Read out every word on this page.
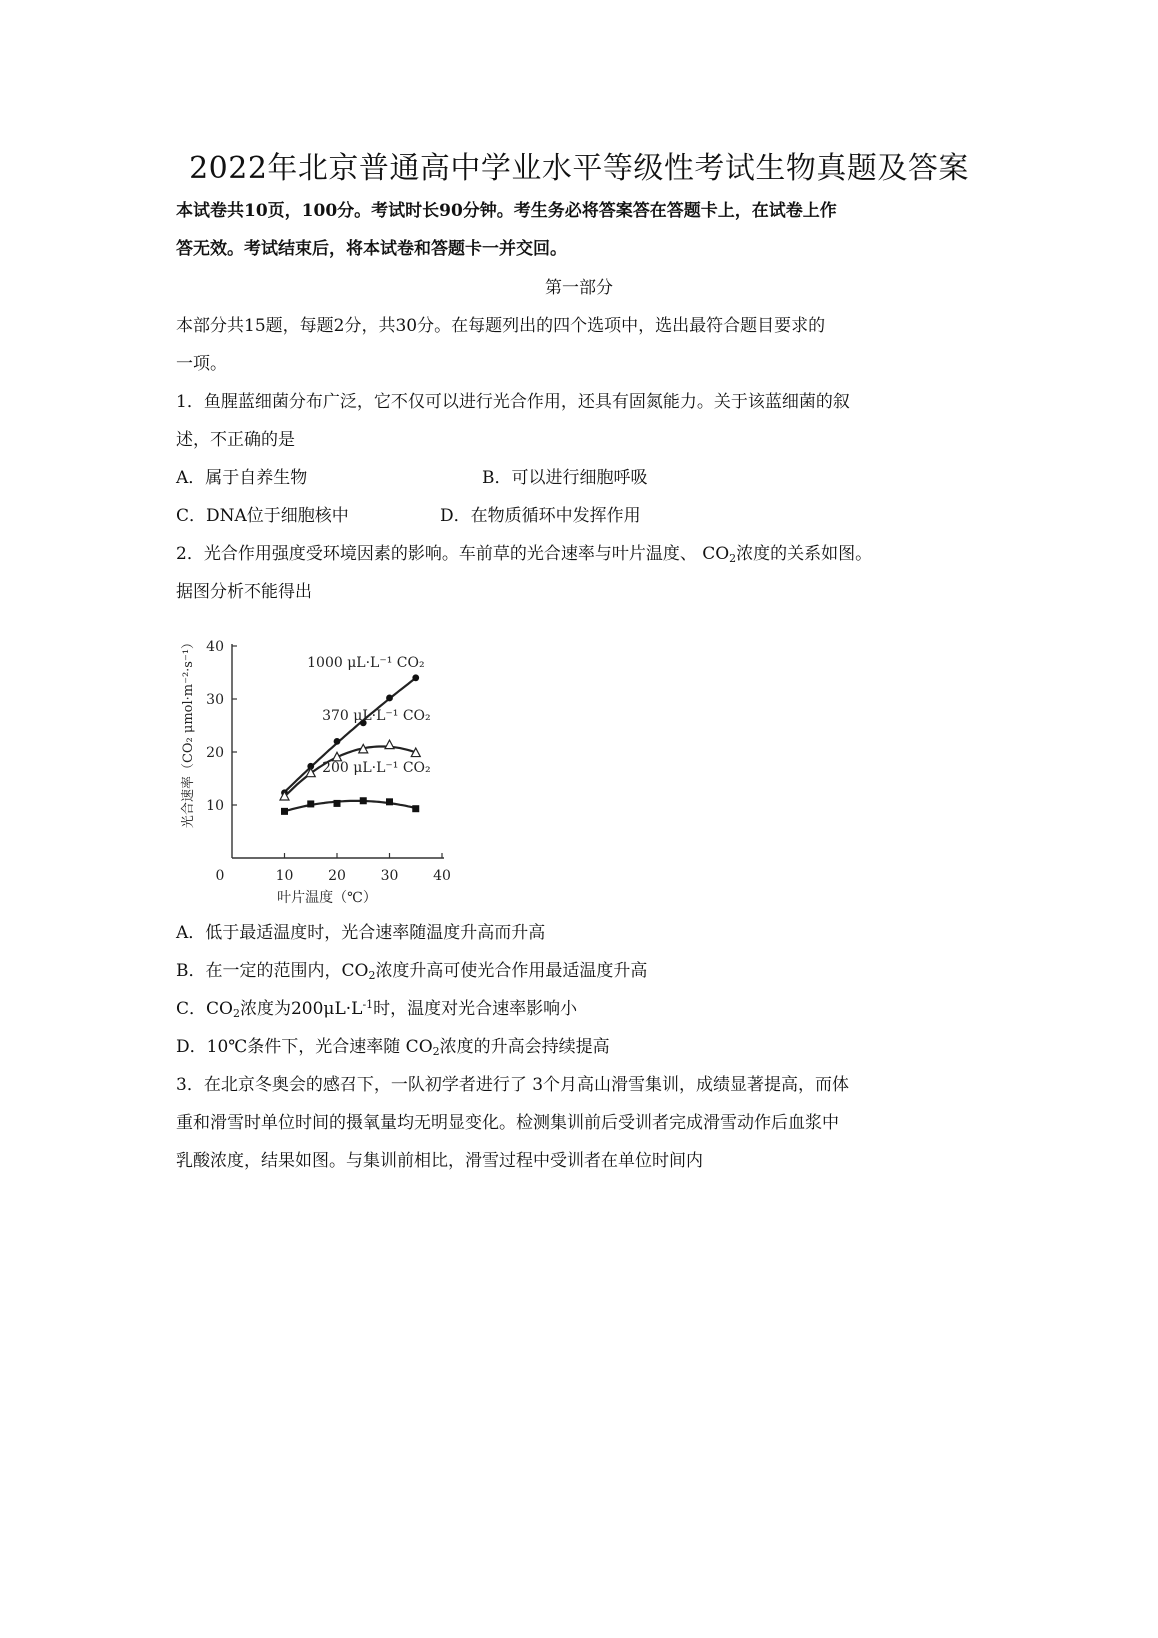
2022年北京普通高中学业水平等级性考试生物真题及答案
本试卷共10页，100分。考试时长90分钟。考生务必将答案答在答题卡上，在试卷上作
答无效。考试结束后，将本试卷和答题卡一并交回。
第一部分
本部分共15题，每题2分，共30分。在每题列出的四个选项中，选出最符合题目要求的
一项。
1．鱼腥蓝细菌分布广泛，它不仅可以进行光合作用，还具有固氮能力。关于该蓝细菌的叙
述，不正确的是
A．属于自养生物	B．可以进行细胞呼吸
C．DNA位于细胞核中	D．在物质循环中发挥作用
2．光合作用强度受环境因素的影响。车前草的光合速率与叶片温度、 $CO_2$浓度的关系如图。
据图分析不能得出
0	10 20 30 40
10
20
30
40
叶片温度（℃）
光合速率（CO₂ μmol·m⁻²·s⁻¹）	1000 μL·L⁻¹ CO₂
370 μL·L⁻¹ CO₂
200 μL·L⁻¹ CO₂
A．低于最适温度时，光合速率随温度升高而升高
B．在一定的范围内，$CO_2$浓度升高可使光合作用最适温度升高
C．$CO_2$浓度为$200\mu L\cdot L^{-1}$时，温度对光合速率影响小
D．10℃条件下，光合速率随 $CO_2$浓度的升高会持续提高
3．在北京冬奥会的感召下，一队初学者进行了 3个月高山滑雪集训，成绩显著提高，而体
重和滑雪时单位时间的摄氧量均无明显变化。检测集训前后受训者完成滑雪动作后血浆中
乳酸浓度，结果如图。与集训前相比，滑雪过程中受训者在单位时间内
